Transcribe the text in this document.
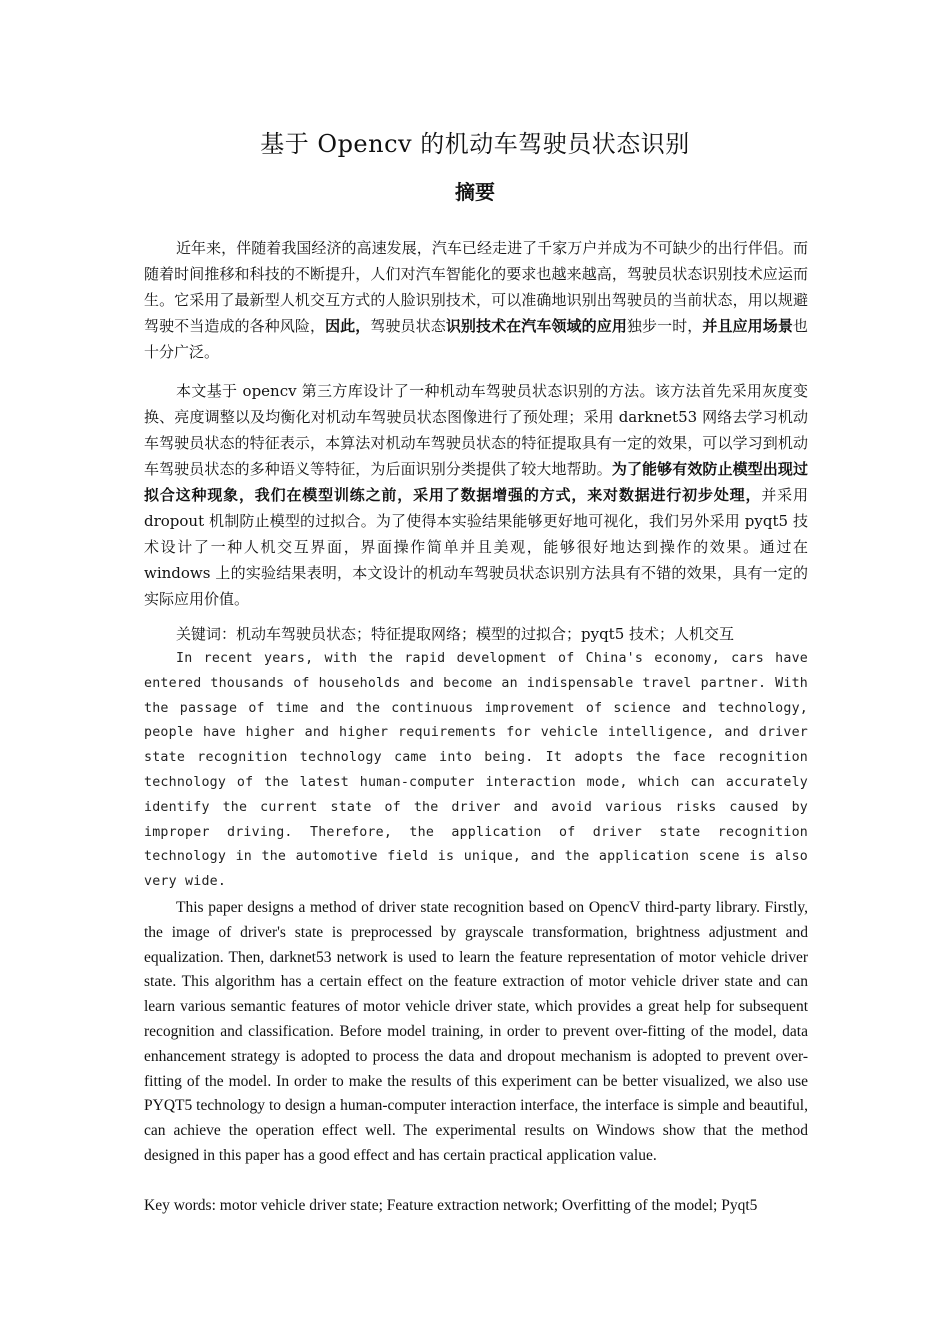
基于 Opencv 的机动车驾驶员状态识别
摘要

近年来，伴随着我国经济的高速发展，汽车已经走进了千家万户并成为不可缺少的出行伴侣。而随着时间推移和科技的不断提升，人们对汽车智能化的要求也越来越高，驾驶员状态识别技术应运而生。它采用了最新型人机交互方式的人脸识别技术，可以准确地识别出驾驶员的当前状态，用以规避驾驶不当造成的各种风险，因此，驾驶员状态识别技术在汽车领域的应用独步一时，并且应用场景也十分广泛。

本文基于 opencv 第三方库设计了一种机动车驾驶员状态识别的方法。该方法首先采用灰度变换、亮度调整以及均衡化对机动车驾驶员状态图像进行了预处理；采用 darknet53 网络去学习机动车驾驶员状态的特征表示，本算法对机动车驾驶员状态的特征提取具有一定的效果，可以学习到机动车驾驶员状态的多种语义等特征，为后面识别分类提供了较大地帮助。为了能够有效防止模型出现过拟合这种现象，我们在模型训练之前，采用了数据增强的方式，来对数据进行初步处理，并采用 dropout 机制防止模型的过拟合。为了使得本实验结果能够更好地可视化，我们另外采用 pyqt5 技术设计了一种人机交互界面，界面操作简单并且美观，能够很好地达到操作的效果。通过在 windows 上的实验结果表明，本文设计的机动车驾驶员状态识别方法具有不错的效果，具有一定的实际应用价值。

关键词：机动车驾驶员状态；特征提取网络；模型的过拟合；pyqt5 技术；人机交互

In recent years, with the rapid development of China's economy, cars have entered thousands of households and become an indispensable travel partner. With the passage of time and the continuous improvement of science and technology, people have higher and higher requirements for vehicle intelligence, and driver state recognition technology came into being. It adopts the face recognition technology of the latest human-computer interaction mode, which can accurately identify the current state of the driver and avoid various risks caused by improper driving. Therefore, the application of driver state recognition technology in the automotive field is unique, and the application scene is also very wide.

This paper designs a method of driver state recognition based on OpencV third-party library. Firstly, the image of driver's state is preprocessed by grayscale transformation, brightness adjustment and equalization. Then, darknet53 network is used to learn the feature representation of motor vehicle driver state. This algorithm has a certain effect on the feature extraction of motor vehicle driver state and can learn various semantic features of motor vehicle driver state, which provides a great help for subsequent recognition and classification. Before model training, in order to prevent over-fitting of the model, data enhancement strategy is adopted to process the data and dropout mechanism is adopted to prevent over-fitting of the model. In order to make the results of this experiment can be better visualized, we also use PYQT5 technology to design a human-computer interaction interface, the interface is simple and beautiful, can achieve the operation effect well. The experimental results on Windows show that the method designed in this paper has a good effect and has certain practical application value.

Key words: motor vehicle driver state; Feature extraction network; Overfitting of the model; Pyqt5
